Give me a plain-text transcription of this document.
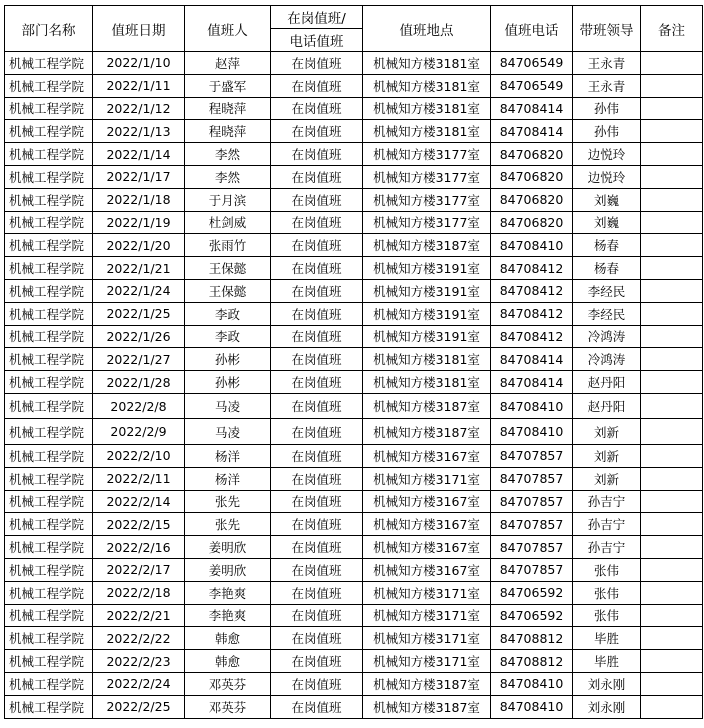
部门名称	值班日期	值班人	在岗值班/	值班地点	值班电话	带班领导	备注
			电话值班				
机械工程学院	2022/1/10	赵萍	在岗值班	机械知方楼3181室	84706549	王永青	
机械工程学院	2022/1/11	于盛军	在岗值班	机械知方楼3181室	84706549	王永青	
机械工程学院	2022/1/12	程晓萍	在岗值班	机械知方楼3181室	84708414	孙伟	
机械工程学院	2022/1/13	程晓萍	在岗值班	机械知方楼3181室	84708414	孙伟	
机械工程学院	2022/1/14	李然	在岗值班	机械知方楼3177室	84706820	边悦玲	
机械工程学院	2022/1/17	李然	在岗值班	机械知方楼3177室	84706820	边悦玲	
机械工程学院	2022/1/18	于月滨	在岗值班	机械知方楼3177室	84706820	刘巍	
机械工程学院	2022/1/19	杜剑威	在岗值班	机械知方楼3177室	84706820	刘巍	
机械工程学院	2022/1/20	张雨竹	在岗值班	机械知方楼3187室	84708410	杨春	
机械工程学院	2022/1/21	王保懿	在岗值班	机械知方楼3191室	84708412	杨春	
机械工程学院	2022/1/24	王保懿	在岗值班	机械知方楼3191室	84708412	李经民	
机械工程学院	2022/1/25	李政	在岗值班	机械知方楼3191室	84708412	李经民	
机械工程学院	2022/1/26	李政	在岗值班	机械知方楼3191室	84708412	冷鸿涛	
机械工程学院	2022/1/27	孙彬	在岗值班	机械知方楼3181室	84708414	冷鸿涛	
机械工程学院	2022/1/28	孙彬	在岗值班	机械知方楼3181室	84708414	赵丹阳	
机械工程学院	2022/2/8	马凌	在岗值班	机械知方楼3187室	84708410	赵丹阳	
机械工程学院	2022/2/9	马凌	在岗值班	机械知方楼3187室	84708410	刘新	
机械工程学院	2022/2/10	杨洋	在岗值班	机械知方楼3167室	84707857	刘新	
机械工程学院	2022/2/11	杨洋	在岗值班	机械知方楼3171室	84707857	刘新	
机械工程学院	2022/2/14	张先	在岗值班	机械知方楼3167室	84707857	孙吉宁	
机械工程学院	2022/2/15	张先	在岗值班	机械知方楼3167室	84707857	孙吉宁	
机械工程学院	2022/2/16	姜明欣	在岗值班	机械知方楼3167室	84707857	孙吉宁	
机械工程学院	2022/2/17	姜明欣	在岗值班	机械知方楼3167室	84707857	张伟	
机械工程学院	2022/2/18	李艳爽	在岗值班	机械知方楼3171室	84706592	张伟	
机械工程学院	2022/2/21	李艳爽	在岗值班	机械知方楼3171室	84706592	张伟	
机械工程学院	2022/2/22	韩愈	在岗值班	机械知方楼3171室	84708812	毕胜	
机械工程学院	2022/2/23	韩愈	在岗值班	机械知方楼3171室	84708812	毕胜	
机械工程学院	2022/2/24	邓英芬	在岗值班	机械知方楼3187室	84708410	刘永刚	
机械工程学院	2022/2/25	邓英芬	在岗值班	机械知方楼3187室	84708410	刘永刚	
